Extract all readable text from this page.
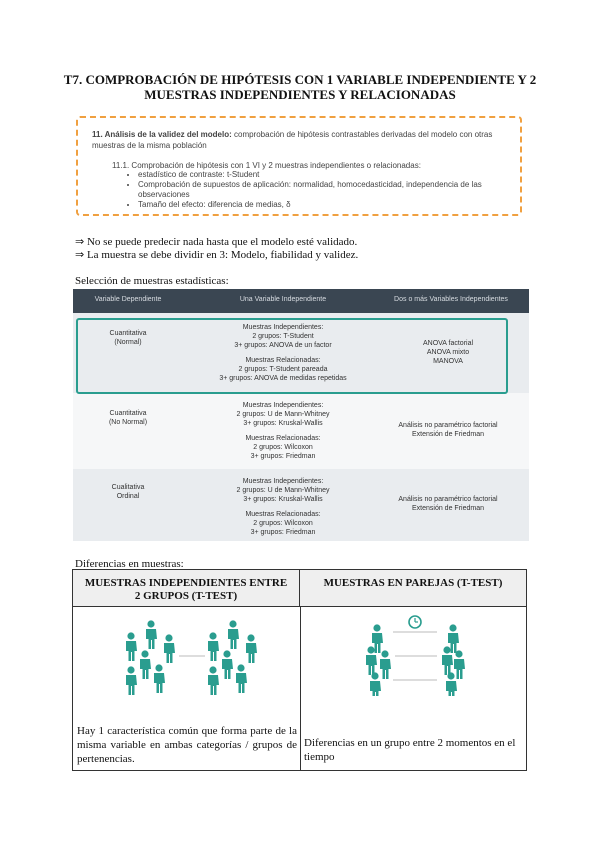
T7. COMPROBACIÓN DE HIPÓTESIS CON 1 VARIABLE INDEPENDIENTE Y 2 MUESTRAS INDEPENDIENTES Y RELACIONADAS
11. Análisis de la validez del modelo: comprobación de hipótesis contrastables derivadas del modelo con otras muestras de la misma población
11.1. Comprobación de hipótesis con 1 VI y 2 muestras independientes o relacionadas:
• estadístico de contraste: t-Student
• Comprobación de supuestos de aplicación: normalidad, homocedasticidad, independencia de las observaciones
• Tamaño del efecto: diferencia de medias, δ
⇒ No se puede predecir nada hasta que el modelo esté validado.
⇒ La muestra se debe dividir en 3: Modelo, fiabilidad y validez.
Selección de muestras estadísticas:
Variable Dependiente	Una Variable Independiente	Dos o más Variables Independientes
Cuantitativa
(Normal)
Muestras Independientes:
2 grupos: T-Student
3+ grupos: ANOVA de un factor
Muestras Relacionadas:
2 grupos: T-Student pareada
3+ grupos: ANOVA de medidas repetidas
ANOVA factorial
ANOVA mixto
MANOVA
Cuantitativa
(No Normal)
Muestras Independientes:
2 grupos: U de Mann-Whitney
3+ grupos: Kruskal-Wallis
Muestras Relacionadas:
2 grupos: Wilcoxon
3+ grupos: Friedman
Análisis no paramétrico factorial
Extensión de Friedman
Cualitativa
Ordinal
Muestras Independientes:
2 grupos: U de Mann-Whitney
3+ grupos: Kruskal-Wallis
Muestras Relacionadas:
2 grupos: Wilcoxon
3+ grupos: Friedman
Análisis no paramétrico factorial
Extensión de Friedman
Diferencias en muestras:
MUESTRAS INDEPENDIENTES ENTRE 2 GRUPOS (T-TEST)
MUESTRAS EN PAREJAS (T-TEST)
Hay 1 característica común que forma parte de la misma variable en ambas categorías / grupos de pertenencias.
Diferencias en un grupo entre 2 momentos en el tiempo
